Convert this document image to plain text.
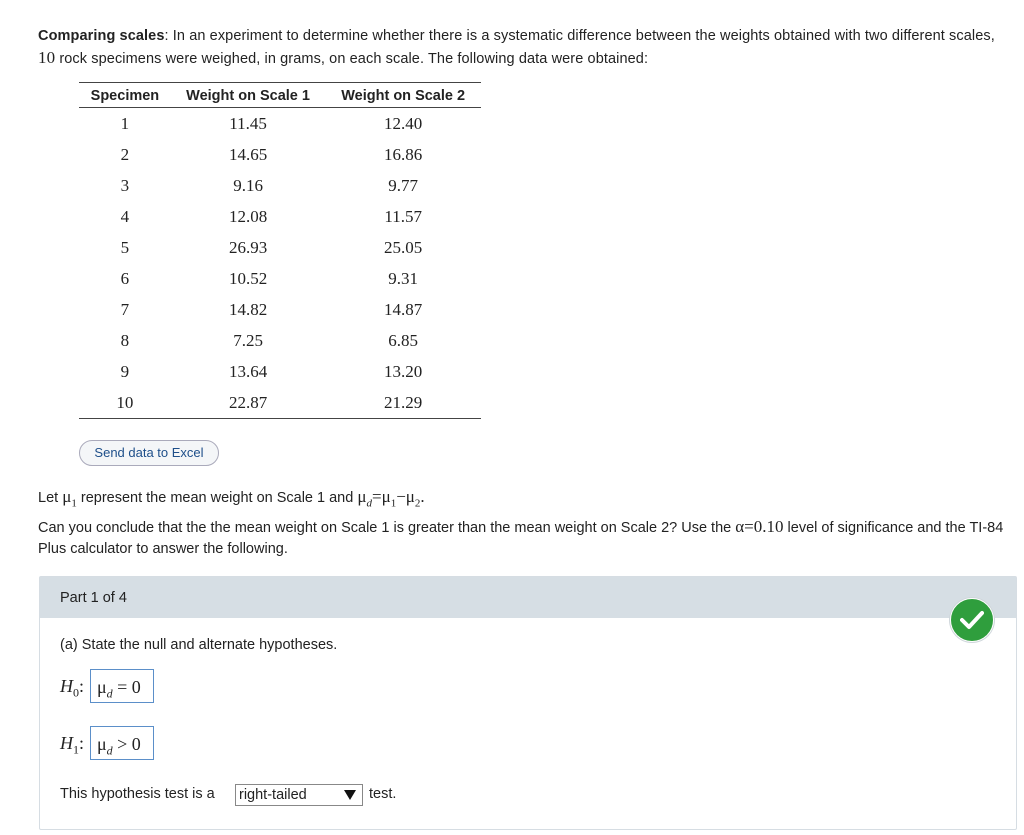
Comparing scales: In an experiment to determine whether there is a systematic difference between the weights obtained with two different scales, 10 rock specimens were weighed, in grams, on each scale. The following data were obtained:
Specimen	Weight on Scale 1	Weight on Scale 2
1	11.45	12.40
2	14.65	16.86
3	9.16	9.77
4	12.08	11.57
5	26.93	25.05
6	10.52	9.31
7	14.82	14.87
8	7.25	6.85
9	13.64	13.20
10	22.87	21.29
Send data to Excel
Let $\mu_1$ represent the mean weight on Scale 1 and $\mu_d=\mu_1-\mu_2$.
Can you conclude that the the mean weight on Scale 1 is greater than the mean weight on Scale 2? Use the α=0.10 level of significance and the TI-84 Plus calculator to answer the following.
Part 1 of 4
(a) State the null and alternate hypotheses.
$H_0$: $\mu_d = 0$
$H_1$: $\mu_d > 0$
This hypothesis test is a right-tailed	test.
